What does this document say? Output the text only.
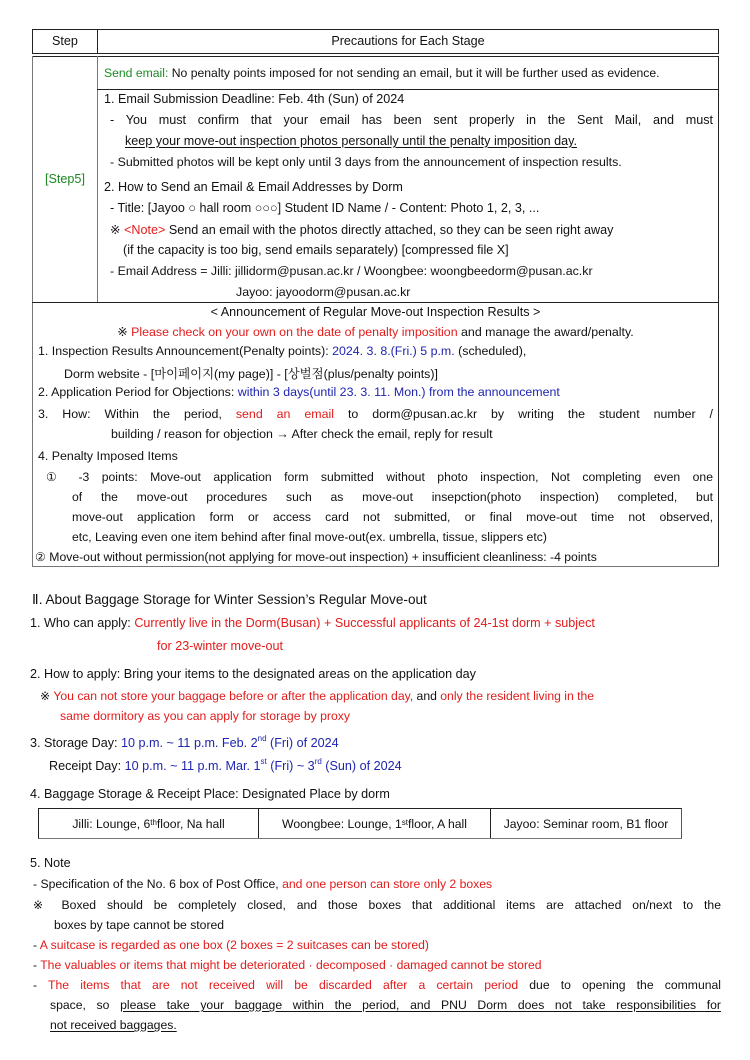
Step	Precautions for Each Stage
[Step5]
Send email: No penalty points imposed for not sending an email, but it will be further used as evidence.
1. Email Submission Deadline: Feb. 4th (Sun) of 2024
- You must confirm that your email has been sent properly in the Sent Mail, and must
keep your move-out inspection photos personally until the penalty imposition day.
- Submitted photos will be kept only until 3 days from the announcement of inspection results.
2. How to Send an Email & Email Addresses by Dorm
- Title: [Jayoo ○ hall room ○○○] Student ID Name / - Content: Photo 1, 2, 3, ...
※ <Note> Send an email with the photos directly attached, so they can be seen right away
(if the capacity is too big, send emails separately) [compressed file X]
- Email Address = Jilli: jillidorm@pusan.ac.kr / Woongbee: woongbeedorm@pusan.ac.kr
Jayoo: jayoodorm@pusan.ac.kr
< Announcement of Regular Move-out Inspection Results >
※ Please check on your own on the date of penalty imposition and manage the award/penalty.
1. Inspection Results Announcement(Penalty points): 2024. 3. 8.(Fri.) 5 p.m. (scheduled),
Dorm website - [마이페이지(my page)] - [상벌점(plus/penalty points)]
2. Application Period for Objections: within 3 days(until 23. 3. 11. Mon.) from the announcement
3. How: Within the period, send an email to dorm@pusan.ac.kr by writing the student number /
building / reason for objection → After check the email, reply for result
4. Penalty Imposed Items
① -3 points: Move-out application form submitted without photo inspection, Not completing even one
of the move-out procedures such as move-out insepction(photo inspection) completed, but
move-out application form or access card not submitted, or final move-out time not observed,
etc, Leaving even one item behind after final move-out(ex. umbrella, tissue, slippers etc)
② Move-out without permission(not applying for move-out inspection) + insufficient cleanliness: -4 points
Ⅱ. About Baggage Storage for Winter Session’s Regular Move-out
1. Who can apply: Currently live in the Dorm(Busan) + Successful applicants of 24-1st dorm + subject
for 23-winter move-out
2. How to apply: Bring your items to the designated areas on the application day
※ You can not store your baggage before or after the application day, and only the resident living in the
same dormitory as you can apply for storage by proxy
3. Storage Day: 10 p.m. ~ 11 p.m. Feb. 2nd (Fri) of 2024
Receipt Day: 10 p.m. ~ 11 p.m. Mar. 1st (Fri) ~ 3rd (Sun) of 2024
4. Baggage Storage & Receipt Place: Designated Place by dorm
Jilli: Lounge, 6th floor, Na hall	Woongbee: Lounge, 1st floor, A hall	Jayoo: Seminar room, B1 floor
5. Note
- Specification of the No. 6 box of Post Office, and one person can store only 2 boxes
※ Boxed should be completely closed, and those boxes that additional items are attached on/next to the
boxes by tape cannot be stored
- A suitcase is regarded as one box (2 boxes = 2 suitcases can be stored)
- The valuables or items that might be deteriorated · decomposed · damaged cannot be stored
- The items that are not received will be discarded after a certain period due to opening the communal
space, so please take your baggage within the period, and PNU Dorm does not take responsibilities for
not received baggages.
